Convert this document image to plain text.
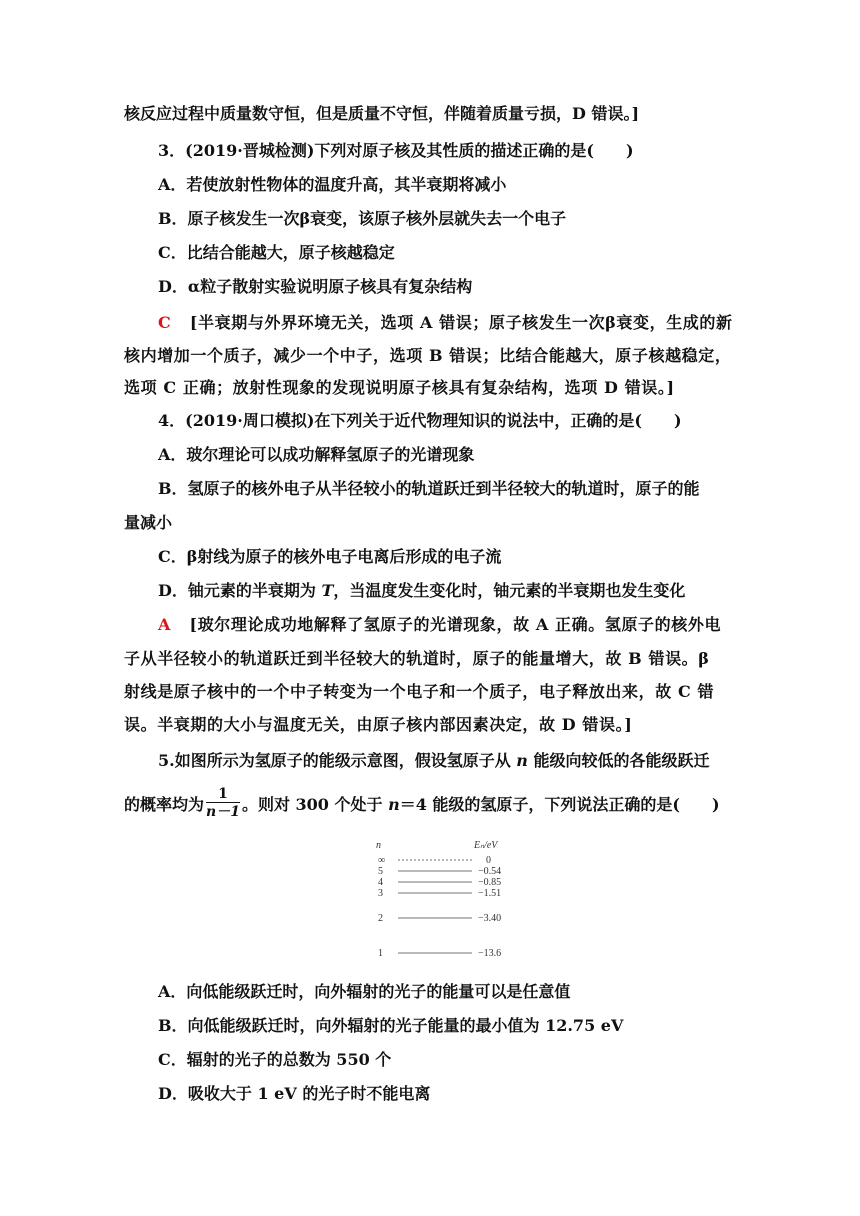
核反应过程中质量数守恒，但是质量不守恒，伴随着质量亏损，D 错误。]
3．(2019·晋城检测)下列对原子核及其性质的描述正确的是(　　)
A．若使放射性物体的温度升高，其半衰期将减小
B．原子核发生一次β衰变，该原子核外层就失去一个电子
C．比结合能越大，原子核越稳定
D．α粒子散射实验说明原子核具有复杂结构
C [半衰期与外界环境无关，选项 A 错误；原子核发生一次β衰变，生成的新
核内增加一个质子，减少一个中子，选项 B 错误；比结合能越大，原子核越稳定，
选项 C 正确；放射性现象的发现说明原子核具有复杂结构，选项 D 错误。]
4．(2019·周口模拟)在下列关于近代物理知识的说法中，正确的是(　　)
A．玻尔理论可以成功解释氢原子的光谱现象
B．氢原子的核外电子从半径较小的轨道跃迁到半径较大的轨道时，原子的能
量减小
C．β射线为原子的核外电子电离后形成的电子流
D．铀元素的半衰期为 T，当温度发生变化时，铀元素的半衰期也发生变化
A [玻尔理论成功地解释了氢原子的光谱现象，故 A 正确。氢原子的核外电
子从半径较小的轨道跃迁到半径较大的轨道时，原子的能量增大，故 B 错误。β
射线是原子核中的一个中子转变为一个电子和一个质子，电子释放出来，故 C 错
误。半衰期的大小与温度无关，由原子核内部因素决定，故 D 错误。]
5.如图所示为氢原子的能级示意图，假设氢原子从 n 能级向较低的各能级跃迁
的概率均为 $\frac{1}{n-1}$ 。则对 300 个处于 n＝4 能级的氢原子，下列说法正确的是(　　)
n	Eₙ/eV
∞	0
5	−0.54
4	−0.85
3	−1.51
2	−3.40
1	−13.6
A．向低能级跃迁时，向外辐射的光子的能量可以是任意值
B．向低能级跃迁时，向外辐射的光子能量的最小值为 12.75 eV
C．辐射的光子的总数为 550 个
D．吸收大于 1 eV 的光子时不能电离
